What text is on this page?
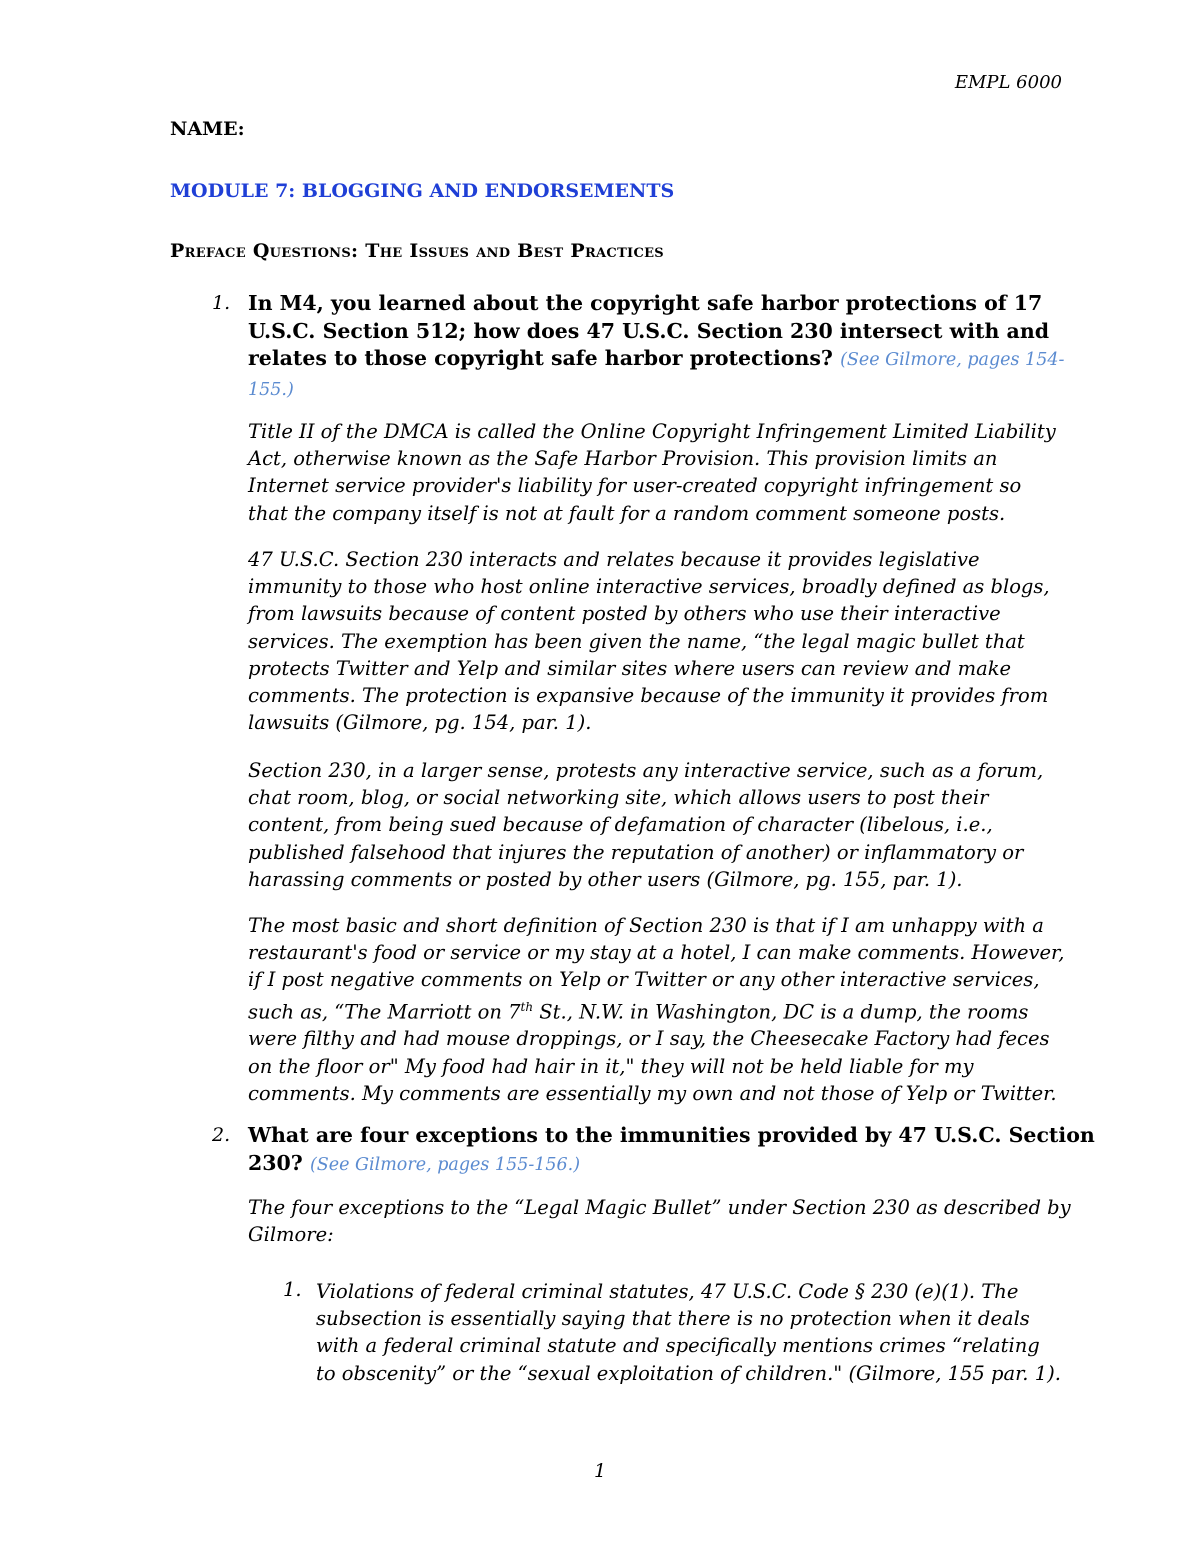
EMPL 6000
NAME:
MODULE 7: BLOGGING AND ENDORSEMENTS
Preface Questions: The Issues and Best Practices
1. In M4, you learned about the copyright safe harbor protections of 17
U.S.C. Section 512; how does 47 U.S.C. Section 230 intersect with and
relates to those copyright safe harbor protections? (See Gilmore, pages 154-
155.)
Title II of the DMCA is called the Online Copyright Infringement Limited Liability
Act, otherwise known as the Safe Harbor Provision. This provision limits an
Internet service provider's liability for user-created copyright infringement so
that the company itself is not at fault for a random comment someone posts.
47 U.S.C. Section 230 interacts and relates because it provides legislative
immunity to those who host online interactive services, broadly defined as blogs,
from lawsuits because of content posted by others who use their interactive
services. The exemption has been given the name, “the legal magic bullet that
protects Twitter and Yelp and similar sites where users can review and make
comments. The protection is expansive because of the immunity it provides from
lawsuits (Gilmore, pg. 154, par. 1).
Section 230, in a larger sense, protests any interactive service, such as a forum,
chat room, blog, or social networking site, which allows users to post their
content, from being sued because of defamation of character (libelous, i.e.,
published falsehood that injures the reputation of another) or inflammatory or
harassing comments or posted by other users (Gilmore, pg. 155, par. 1).
The most basic and short definition of Section 230 is that if I am unhappy with a
restaurant's food or service or my stay at a hotel, I can make comments. However,
if I post negative comments on Yelp or Twitter or any other interactive services,
such as, “The Marriott on 7th St., N.W. in Washington, DC is a dump, the rooms
were filthy and had mouse droppings, or I say, the Cheesecake Factory had feces
on the floor or" My food had hair in it," they will not be held liable for my
comments. My comments are essentially my own and not those of Yelp or Twitter.
2. What are four exceptions to the immunities provided by 47 U.S.C. Section
230? (See Gilmore, pages 155-156.)
The four exceptions to the “Legal Magic Bullet” under Section 230 as described by
Gilmore:
1. Violations of federal criminal statutes, 47 U.S.C. Code § 230 (e)(1). The
subsection is essentially saying that there is no protection when it deals
with a federal criminal statute and specifically mentions crimes “relating
to obscenity” or the “sexual exploitation of children." (Gilmore, 155 par. 1).
1
